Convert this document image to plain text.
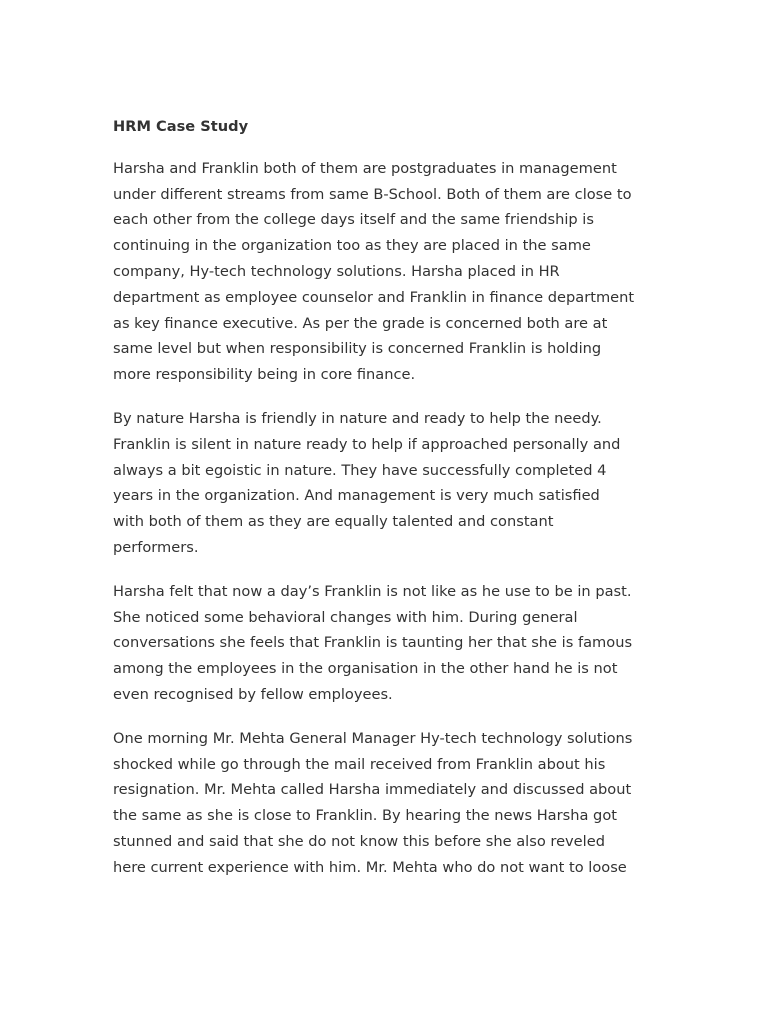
HRM Case Study
Harsha and Franklin both of them are postgraduates in management
under different streams from same B-School. Both of them are close to
each other from the college days itself and the same friendship is
continuing in the organization too as they are placed in the same
company, Hy-tech technology solutions. Harsha placed in HR
department as employee counselor and Franklin in finance department
as key finance executive. As per the grade is concerned both are at
same level but when responsibility is concerned Franklin is holding
more responsibility being in core finance.
By nature Harsha is friendly in nature and ready to help the needy.
Franklin is silent in nature ready to help if approached personally and
always a bit egoistic in nature. They have successfully completed 4
years in the organization. And management is very much satisfied
with both of them as they are equally talented and constant
performers.
Harsha felt that now a day’s Franklin is not like as he use to be in past.
She noticed some behavioral changes with him. During general
conversations she feels that Franklin is taunting her that she is famous
among the employees in the organisation in the other hand he is not
even recognised by fellow employees.
One morning Mr. Mehta General Manager Hy-tech technology solutions
shocked while go through the mail received from Franklin about his
resignation. Mr. Mehta called Harsha immediately and discussed about
the same as she is close to Franklin. By hearing the news Harsha got
stunned and said that she do not know this before she also reveled
here current experience with him. Mr. Mehta who do not want to loose
